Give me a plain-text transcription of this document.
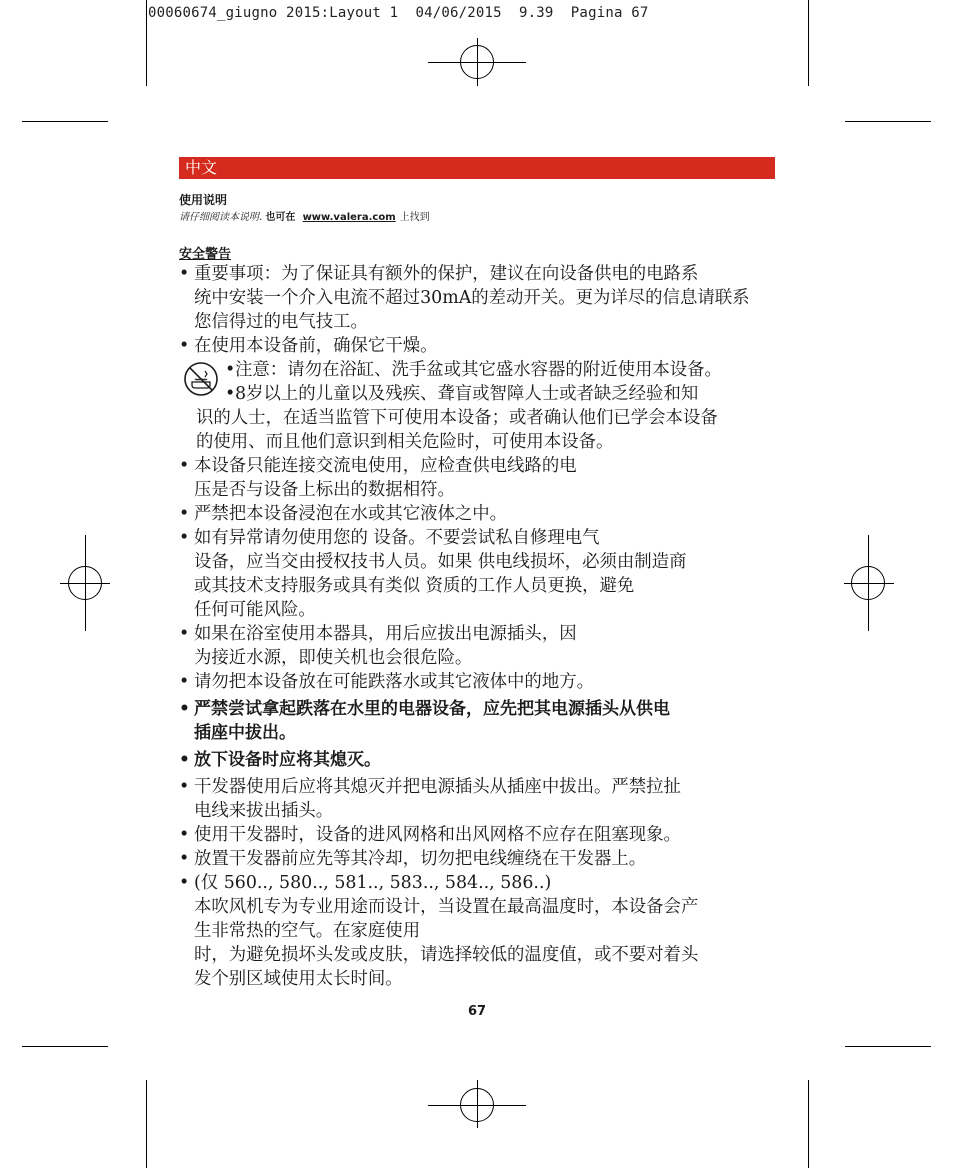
00060674_giugno 2015:Layout 1  04/06/2015  9.39  Pagina 67
中文
使用说明
请仔细阅读本说明. 也可在 www.valera.com 上找到
安全警告
• 重要事项：为了保证具有额外的保护，建议在向设备供电的电路系
统中安装一个介入电流不超过30mA的差动开关。更为详尽的信息请联系
您信得过的电气技工。
• 在使用本设备前，确保它干燥。
• 注意：请勿在浴缸、洗手盆或其它盛水容器的附近使用本设备。
• 8岁以上的儿童以及残疾、聋盲或智障人士或者缺乏经验和知
识的人士，在适当监管下可使用本设备；或者确认他们已学会本设备
的使用、而且他们意识到相关危险时，可使用本设备。
• 本设备只能连接交流电使用，应检查供电线路的电
压是否与设备上标出的数据相符。
• 严禁把本设备浸泡在水或其它液体之中。
• 如有异常请勿使用您的 设备。不要尝试私自修理电气
设备，应当交由授权技书人员。如果 供电线损坏，必须由制造商
或其技术支持服务或具有类似 资质的工作人员更换，避免
任何可能风险。
• 如果在浴室使用本器具，用后应拔出电源插头，因
为接近水源，即使关机也会很危险。
• 请勿把本设备放在可能跌落水或其它液体中的地方。
• 严禁尝试拿起跌落在水里的电器设备，应先把其电源插头从供电
插座中拔出。
• 放下设备时应将其熄灭。
• 干发器使用后应将其熄灭并把电源插头从插座中拔出。严禁拉扯
电线来拔出插头。
• 使用干发器时，设备的进风网格和出风网格不应存在阻塞现象。
• 放置干发器前应先等其冷却，切勿把电线缠绕在干发器上。
• (仅 560.., 580.., 581.., 583.., 584.., 586..)
本吹风机专为专业用途而设计，当设置在最高温度时，本设备会产
生非常热的空气。在家庭使用
时，为避免损坏头发或皮肤，请选择较低的温度值，或不要对着头
发个别区域使用太长时间。
67
